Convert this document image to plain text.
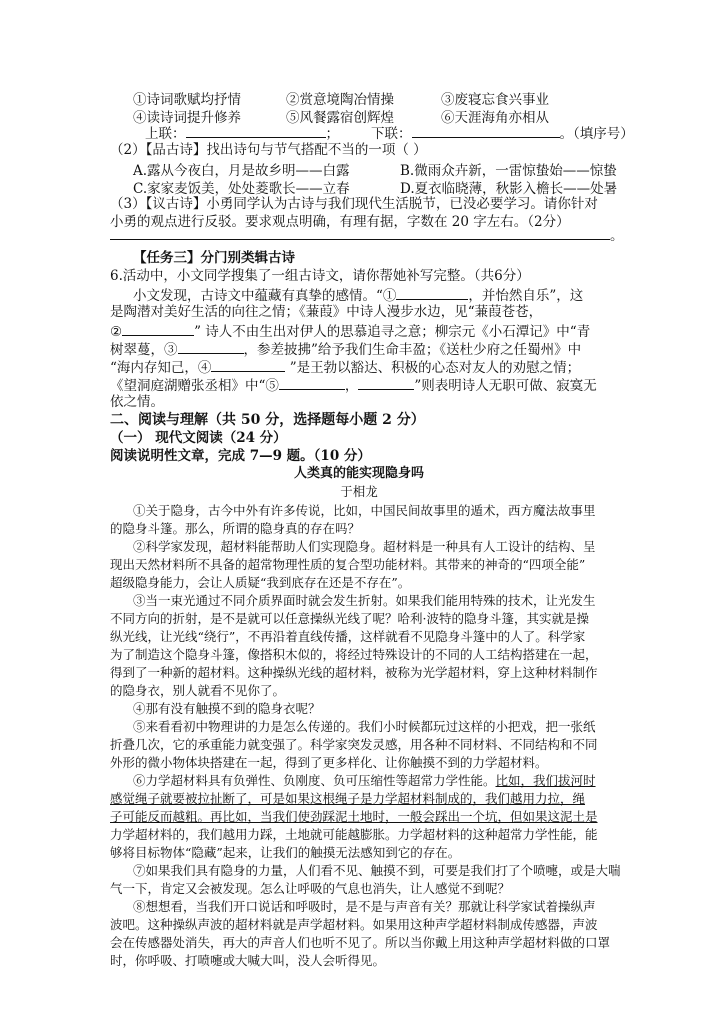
①诗词歌赋均抒情	②赏意境陶冶情操	③废寝忘食兴事业
④读诗词提升修养	⑤风餐露宿创辉煌	⑥天涯海角亦相从
上联：	； 下联：	。（填序号）
（2）【品古诗】找出诗句与节气搭配不当的一项（ ）
A.露从今夜白，月是故乡明——白露	B.微雨众卉新，一雷惊蛰始——惊蛰
C.家家麦饭美，处处菱歌长——立春	D.夏衣临晓薄，秋影入檐长——处暑
（3）【议古诗】小勇同学认为古诗与我们现代生活脱节，已没必要学习。请你针对
小勇的观点进行反驳。要求观点明确，有理有据，字数在 20 字左右。（2分）
。
【任务三】分门别类辑古诗
6.活动中，小文同学搜集了一组古诗文，请你帮她补写完整。（共6分）
小文发现，古诗文中蕴藏有真挚的感情。“①	，并怡然自乐”，这
是陶潜对美好生活的向往之情；《蒹葭》中诗人漫步水边，见“蒹葭苍苍，
②	” 诗人不由生出对伊人的思慕追寻之意；柳宗元《小石潭记》中“青
树翠蔓，③	，参差披拂”给予我们生命丰盈；《送杜少府之任蜀州》中
“海内存知己，④	”是王勃以豁达、积极的心态对友人的劝慰之情；
《望洞庭湖赠张丞相》中“⑤	，	”则表明诗人无职可做、寂寞无
依之情。
二、阅读与理解（共 50 分，选择题每小题 2 分）
（一） 现代文阅读（24 分）
阅读说明性文章，完成 7—9 题。（10 分）
人类真的能实现隐身吗
于相龙
①关于隐身，古今中外有许多传说，比如，中国民间故事里的遁术，西方魔法故事里
的隐身斗篷。那么，所谓的隐身真的存在吗？
②科学家发现，超材料能帮助人们实现隐身。超材料是一种具有人工设计的结构、呈
现出天然材料所不具备的超常物理性质的复合型功能材料。其带来的神奇的“四项全能”
超级隐身能力，会让人质疑“我到底存在还是不存在”。
③当一束光通过不同介质界面时就会发生折射。如果我们能用特殊的技术，让光发生
不同方向的折射，是不是就可以任意操纵光线了呢？哈利·波特的隐身斗篷，其实就是操
纵光线，让光线“绕行”，不再沿着直线传播，这样就看不见隐身斗篷中的人了。科学家
为了制造这个隐身斗篷，像搭积木似的，将经过特殊设计的不同的人工结构搭建在一起，
得到了一种新的超材料。这种操纵光线的超材料，被称为光学超材料，穿上这种材料制作
的隐身衣，别人就看不见你了。
④那有没有触摸不到的隐身衣呢？
⑤来看看初中物理讲的力是怎么传递的。我们小时候都玩过这样的小把戏，把一张纸
折叠几次，它的承重能力就变强了。科学家突发灵感，用各种不同材料、不同结构和不同
外形的微小物体块搭建在一起，得到了更多样化、让你触摸不到的力学超材料。
⑥力学超材料具有负弹性、负刚度、负可压缩性等超常力学性能。比如，我们拔河时
感觉绳子就要被拉扯断了，可是如果这根绳子是力学超材料制成的，我们越用力拉，绳
子可能反而越粗。再比如，当我们使劲踩泥土地时，一般会踩出一个坑，但如果这泥土是
力学超材料的，我们越用力踩，土地就可能越膨胀。力学超材料的这种超常力学性能，能
够将目标物体“隐藏”起来，让我们的触摸无法感知到它的存在。
⑦如果我们具有隐身的力量，人们看不见、触摸不到，可要是我们打了个喷嚏，或是大喘
气一下，肯定又会被发现。怎么让呼吸的气息也消失，让人感觉不到呢？
⑧想想看，当我们开口说话和呼吸时，是不是与声音有关？那就让科学家试着操纵声
波吧。这种操纵声波的超材料就是声学超材料。如果用这种声学超材料制成传感器，声波
会在传感器处消失，再大的声音人们也听不见了。所以当你戴上用这种声学超材料做的口罩
时，你呼吸、打喷嚏或大喊大叫，没人会听得见。
